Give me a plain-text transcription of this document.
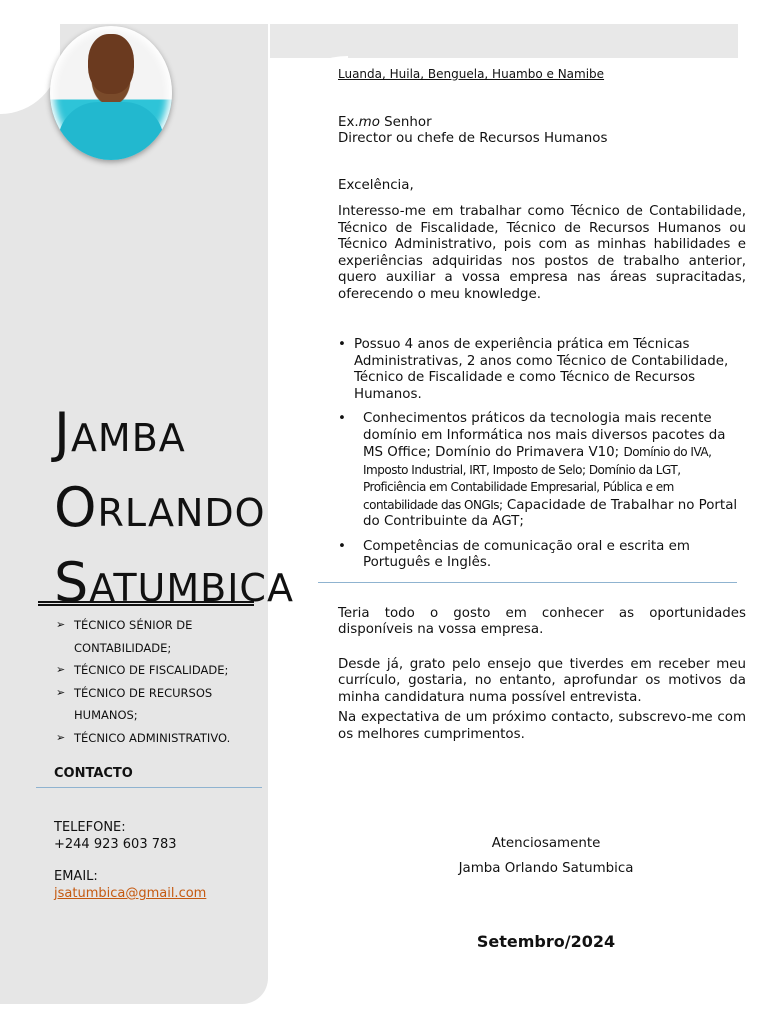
JAMBA
ORLANDO
SATUMBICA
➢ TÉCNICO SÉNIOR DE CONTABILIDADE;
➢ TÉCNICO DE FISCALIDADE;
➢ TÉCNICO DE RECURSOS HUMANOS;
➢ TÉCNICO ADMINISTRATIVO.
CONTACTO
TELEFONE:
+244 923 603 783
EMAIL:
jsatumbica@gmail.com
Luanda, Huila, Benguela, Huambo e Namibe
Ex.mo Senhor
Director ou chefe de Recursos Humanos
Excelência,
Interesso-me em trabalhar como Técnico de Contabilidade, Técnico de Fiscalidade, Técnico de Recursos Humanos ou Técnico Administrativo, pois com as minhas habilidades e experiências adquiridas nos postos de trabalho anterior, quero auxiliar a vossa empresa nas áreas supracitadas, oferecendo o meu knowledge.
• Possuo 4 anos de experiência prática em Técnicas Administrativas, 2 anos como Técnico de Contabilidade, Técnico de Fiscalidade e como Técnico de Recursos Humanos.
• Conhecimentos práticos da tecnologia mais recente domínio em Informática nos mais diversos pacotes da MS Office; Domínio do Primavera V10; Domínio do IVA, Imposto Industrial, IRT, Imposto de Selo; Domínio da LGT, Proficiência em Contabilidade Empresarial, Pública e em contabilidade das ONGIs; Capacidade de Trabalhar no Portal do Contribuinte da AGT;
• Competências de comunicação oral e escrita em Português e Inglês.
Teria todo o gosto em conhecer as oportunidades disponíveis na vossa empresa.
Desde já, grato pelo ensejo que tiverdes em receber meu currículo, gostaria, no entanto, aprofundar os motivos da minha candidatura numa possível entrevista.
Na expectativa de um próximo contacto, subscrevo-me com os melhores cumprimentos.
Atenciosamente
Jamba Orlando Satumbica
Setembro/2024
